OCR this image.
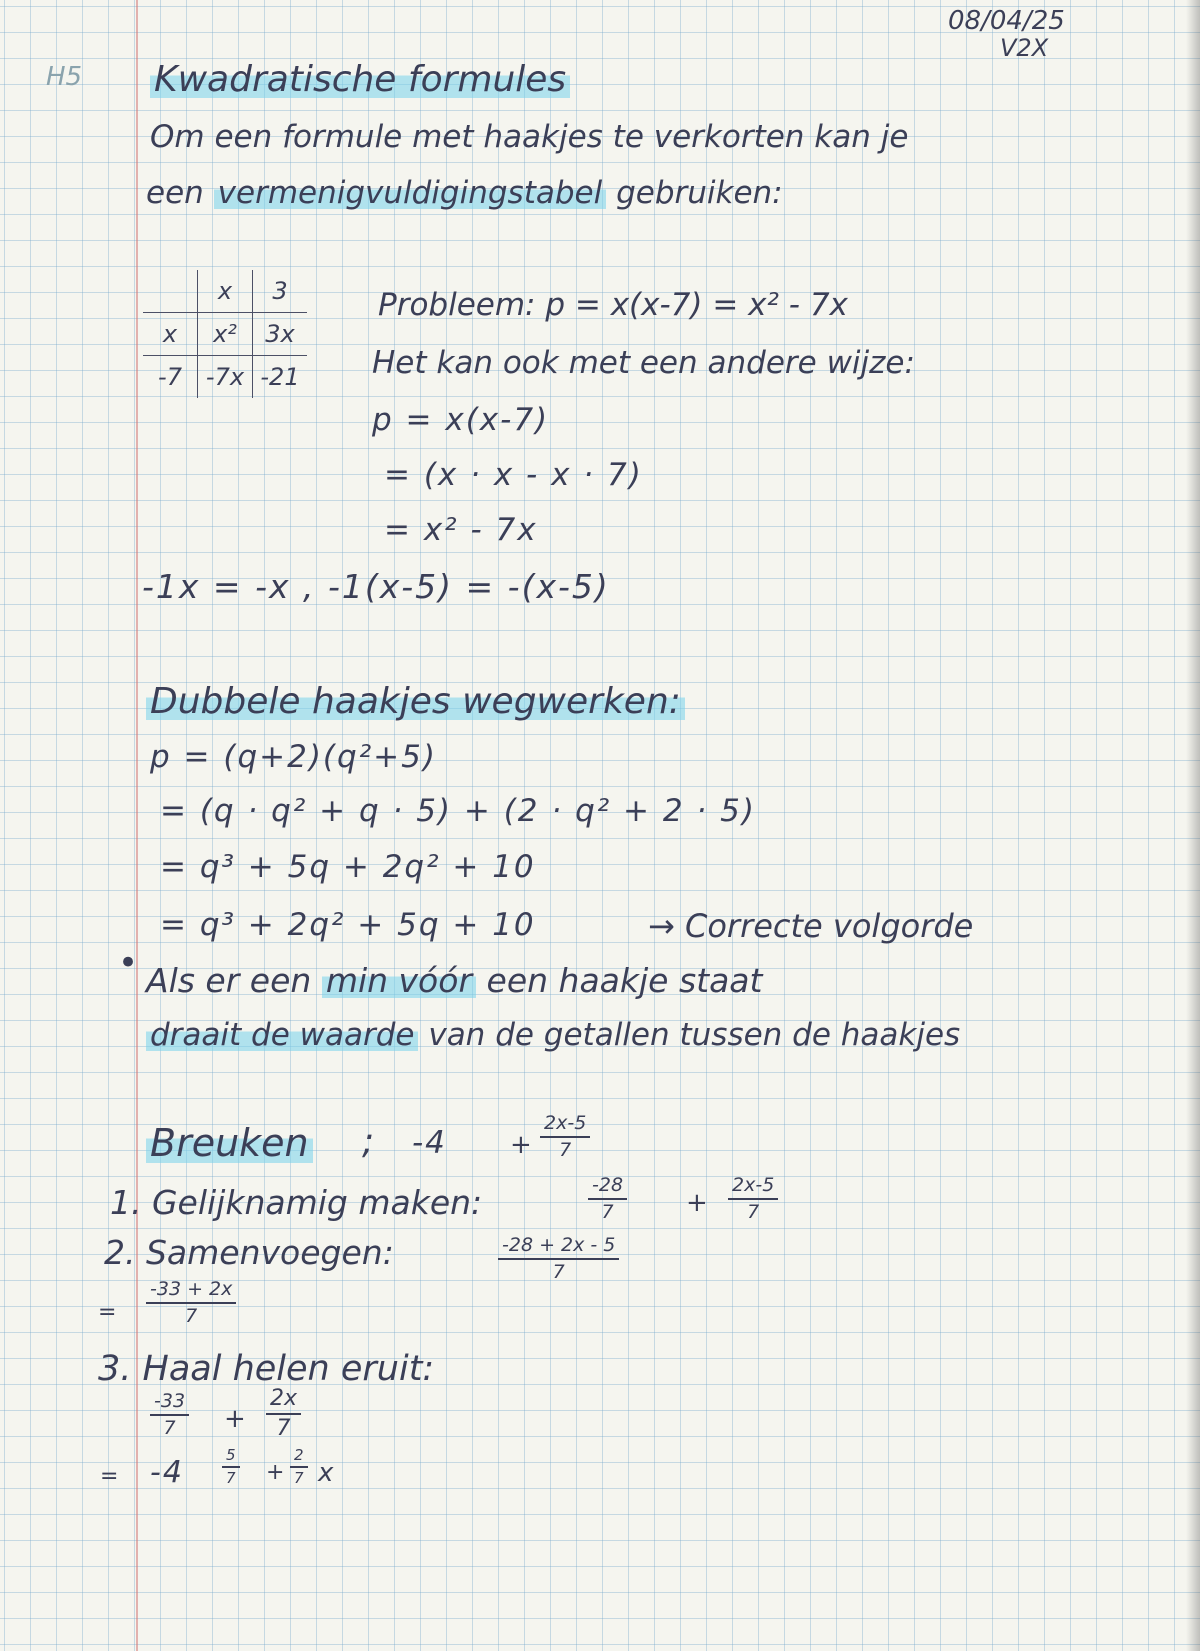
08/04/25
V2X
H5 Kwadratische formules
Om een formule met haakjes te verkorten kan je
een vermenigvuldigingstabel gebruiken:
	x	3
x	x²	3x
-7	-7x	-21
Probleem: p = x(x-7) = x² - 7x
Het kan ook met een andere wijze:
p = x(x-7)
= (x · x - x · 7)
= x² - 7x
-1x = -x , -1(x-5) = -(x-5)
Dubbele haakjes wegwerken:
p = (q+2)(q²+5)
= (q · q² + q · 5) + (2 · q² + 2 · 5)
= q³ + 5q + 2q² + 10
= q³ + 2q² + 5q + 10	→ Correcte volgorde
• Als er een min vóór een haakje staat
draait de waarde van de getallen tussen de haakjes
Breuken ; $-4 + \frac{2x-5}{7}$
1. Gelijknamig maken:	$\frac{-28}{7} + \frac{2x-5}{7}$
2. Samenvoegen:	$\frac{-28 + 2x - 5}{7}$
= $\frac{-33 + 2x}{7}$
3. Haal helen eruit:
$\frac{-33}{7} + \frac{2x}{7}$
= -4	$\frac{5}{7} + \frac{2}{7}$ x
